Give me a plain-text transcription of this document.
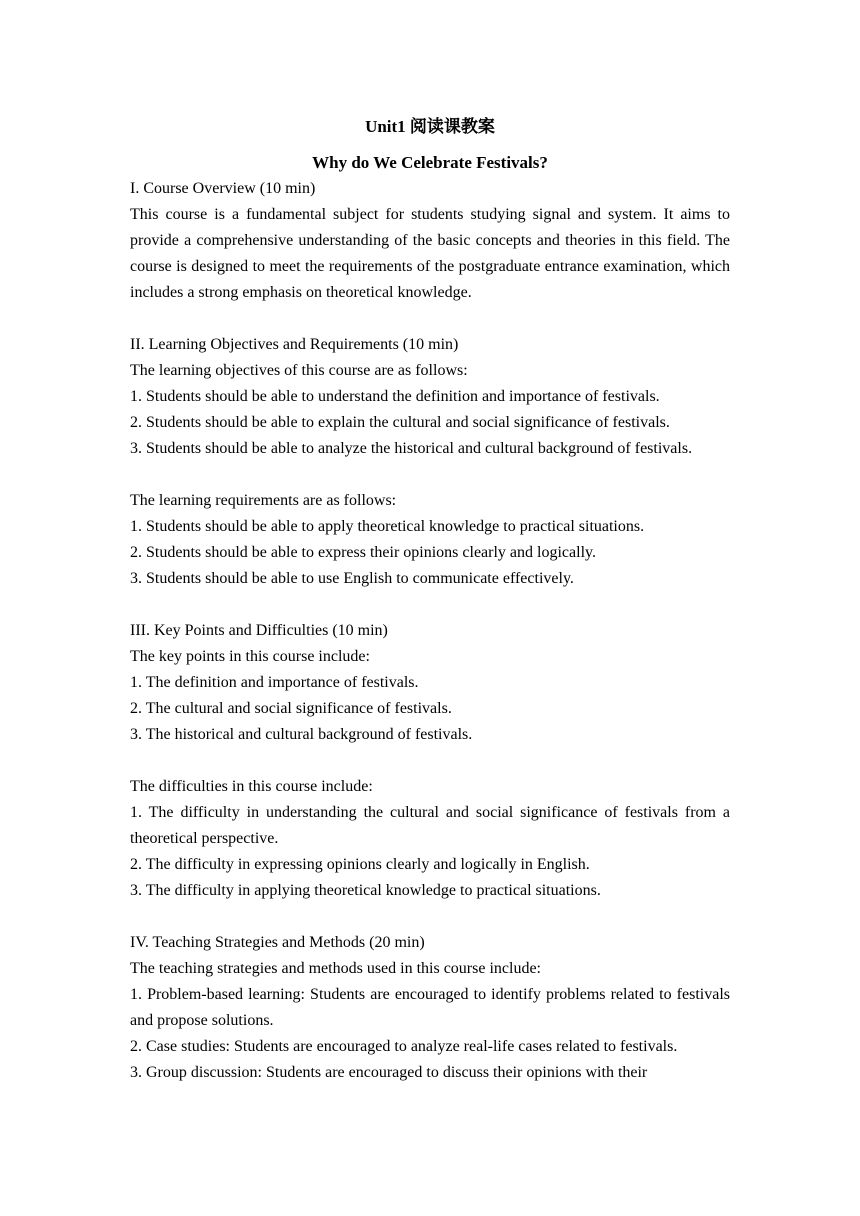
Unit1 阅读课教案
Why do We Celebrate Festivals?

I. Course Overview (10 min)

This course is a fundamental subject for students studying signal and system. It aims to provide a comprehensive understanding of the basic concepts and theories in this field. The course is designed to meet the requirements of the postgraduate entrance examination, which includes a strong emphasis on theoretical knowledge.

II. Learning Objectives and Requirements (10 min)

The learning objectives of this course are as follows:

1. Students should be able to understand the definition and importance of festivals.

2. Students should be able to explain the cultural and social significance of festivals.

3. Students should be able to analyze the historical and cultural background of festivals.

The learning requirements are as follows:

1. Students should be able to apply theoretical knowledge to practical situations.

2. Students should be able to express their opinions clearly and logically.

3. Students should be able to use English to communicate effectively.

III. Key Points and Difficulties (10 min)

The key points in this course include:

1. The definition and importance of festivals.

2. The cultural and social significance of festivals.

3. The historical and cultural background of festivals.

The difficulties in this course include:

1. The difficulty in understanding the cultural and social significance of festivals from a theoretical perspective.

2. The difficulty in expressing opinions clearly and logically in English.

3. The difficulty in applying theoretical knowledge to practical situations.

IV. Teaching Strategies and Methods (20 min)

The teaching strategies and methods used in this course include:

1. Problem-based learning: Students are encouraged to identify problems related to festivals and propose solutions.

2. Case studies: Students are encouraged to analyze real-life cases related to festivals.

3. Group discussion: Students are encouraged to discuss their opinions with their
